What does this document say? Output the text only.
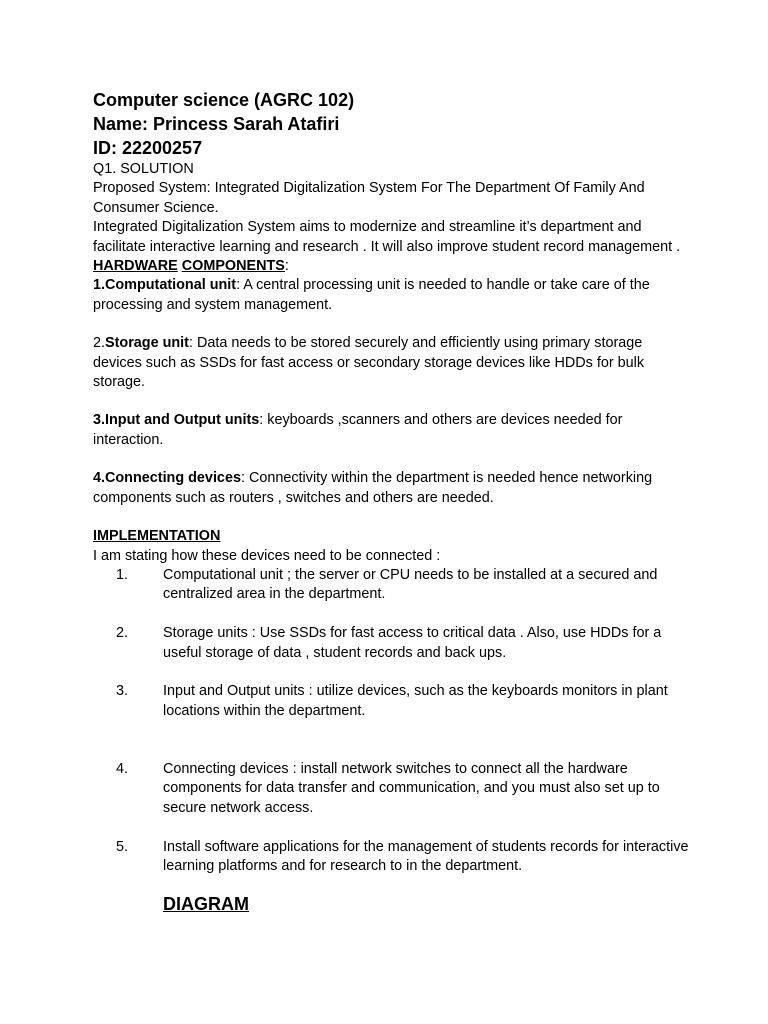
Computer science (AGRC 102)
Name: Princess Sarah Atafiri
ID: 22200257

Q1. SOLUTION

Proposed System: Integrated Digitalization System For The Department Of Family And Consumer Science.

Integrated Digitalization System aims to modernize and streamline it’s department and facilitate interactive learning and research . It will also improve student record management .

HARDWARE COMPONENTS:

1.Computational unit: A central processing unit is needed to handle or take care of the processing and system management.

2.Storage unit: Data needs to be stored securely and efficiently using primary storage devices such as SSDs for fast access or secondary storage devices like HDDs for bulk storage.

3.Input and Output units: keyboards ,scanners and others are devices needed for interaction.

4.Connecting devices: Connectivity within the department is needed hence networking components such as routers , switches and others are needed.

IMPLEMENTATION

I am stating how these devices need to be connected :

1. Computational unit ; the server or CPU needs to be installed at a secured and centralized area in the department.
2. Storage units : Use SSDs for fast access to critical data . Also, use HDDs for a useful storage of data , student records and back ups.
3. Input and Output units : utilize devices, such as the keyboards monitors in plant locations within the department.
4. Connecting devices : install network switches to connect all the hardware components for data transfer and communication, and you must also set up to secure network access.
5. Install software applications for the management of students records for interactive learning platforms and for research to in the department.
DIAGRAM
